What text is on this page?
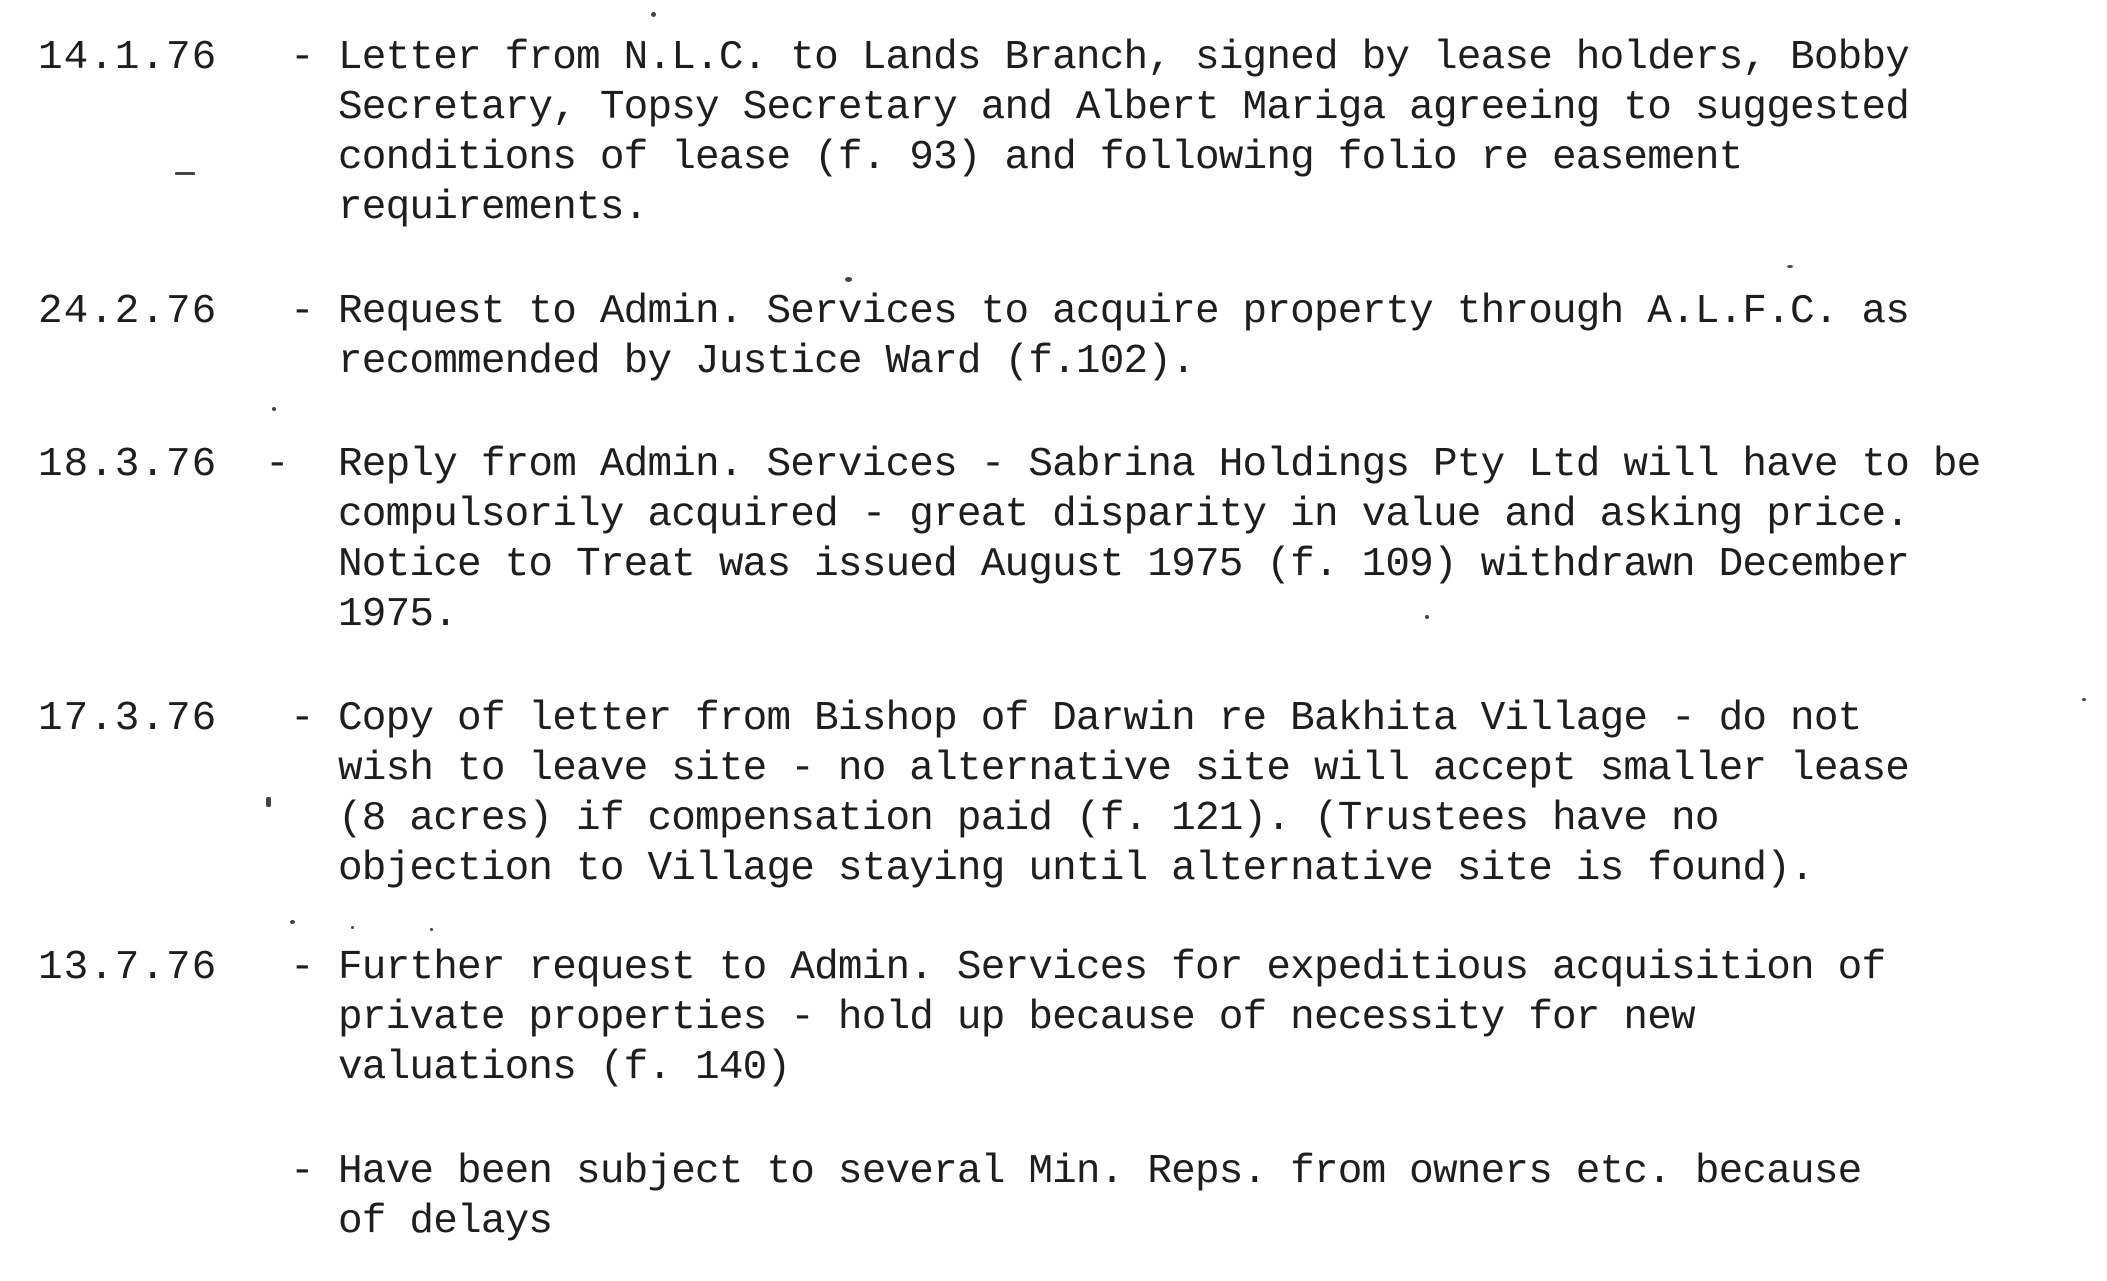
14.1.76 - Letter from N.L.C. to Lands Branch, signed by lease holders, Bobby
Secretary, Topsy Secretary and Albert Mariga agreeing to suggested
conditions of lease (f. 93) and following folio re easement
requirements.
24.2.76 - Request to Admin. Services to acquire property through A.L.F.C. as
recommended by Justice Ward (f.102).
18.3.76 - Reply from Admin. Services - Sabrina Holdings Pty Ltd will have to be
compulsorily acquired - great disparity in value and asking price.
Notice to Treat was issued August 1975 (f. 109) withdrawn December
1975.
17.3.76 - Copy of letter from Bishop of Darwin re Bakhita Village - do not
wish to leave site - no alternative site will accept smaller lease
(8 acres) if compensation paid (f. 121). (Trustees have no
objection to Village staying until alternative site is found).
13.7.76 - Further request to Admin. Services for expeditious acquisition of
private properties - hold up because of necessity for new
valuations (f. 140)
- Have been subject to several Min. Reps. from owners etc. because
of delays
